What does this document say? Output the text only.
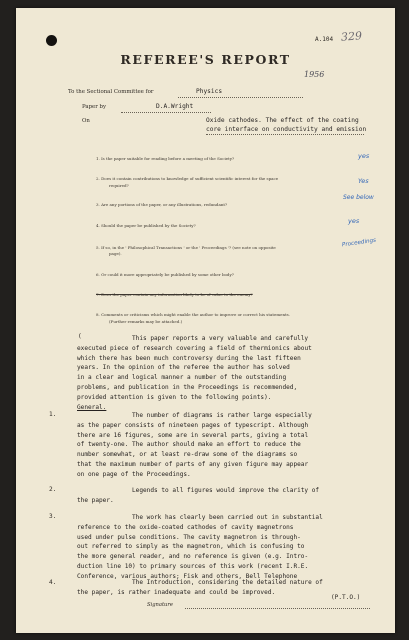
A.104 329
REFEREE'S REPORT
1956
To the Sectional Committee for	Physics
Paper by	D.A.Wright
On	Oxide cathodes. The effect of the coating
core interface on conductivity and emission
1. Is the paper suitable for reading before a meeting of the Society?	yes
2. Does it contain contributions to knowledge of sufficient scientific interest for the space
required?
Yes
3. Are any portions of the paper, or any illustrations, redundant?
See below
4. Should the paper be published by the Society?
yes
5. If so, in the ' Philosophical Transactions ' or the ' Proceedings '? (see note on opposite
page).
Proceedings
6. Or could it more appropriately be published by some other body?
7. Does the paper contain any information likely to be of value to the enemy?
8. Comments or criticisms which might enable the author to improve or correct his statements.
(Further remarks may be attached.)
(	This paper reports a very valuable and carefully
executed piece of research covering a field of thermionics about
which there has been much controversy during the last fifteen
years. In the opinion of the referee the author has solved
in a clear and logical manner a number of the outstanding
problems, and publication in the Proceedings is recommended,
provided attention is given to the following points).
General.
1.	The number of diagrams is rather large especially
as the paper consists of nineteen pages of typescript. Although
there are 16 figures, some are in several parts, giving a total
of twenty-one. The author should make an effort to reduce the
number somewhat, or at least re-draw some of the diagrams so
that the maximum number of parts of any given figure may appear
on one page of the Proceedings.
2.	Legends to all figures would improve the clarity of
the paper.
3.	The work has clearly been carried out in substantial
reference to the oxide-coated cathodes of cavity magnetrons
used under pulse conditions. The cavity magnetron is through-
out referred to simply as the magnetron, which is confusing to
the more general reader, and no reference is given (e.g. Intro-
duction line 10) to primary sources of this work (recent I.R.E.
Conference, various authors; Fisk and others, Bell Telephone
4.	The Introduction, considering the detailed nature of
the paper, is rather inadequate and could be improved.
Signature
(P.T.O.)
